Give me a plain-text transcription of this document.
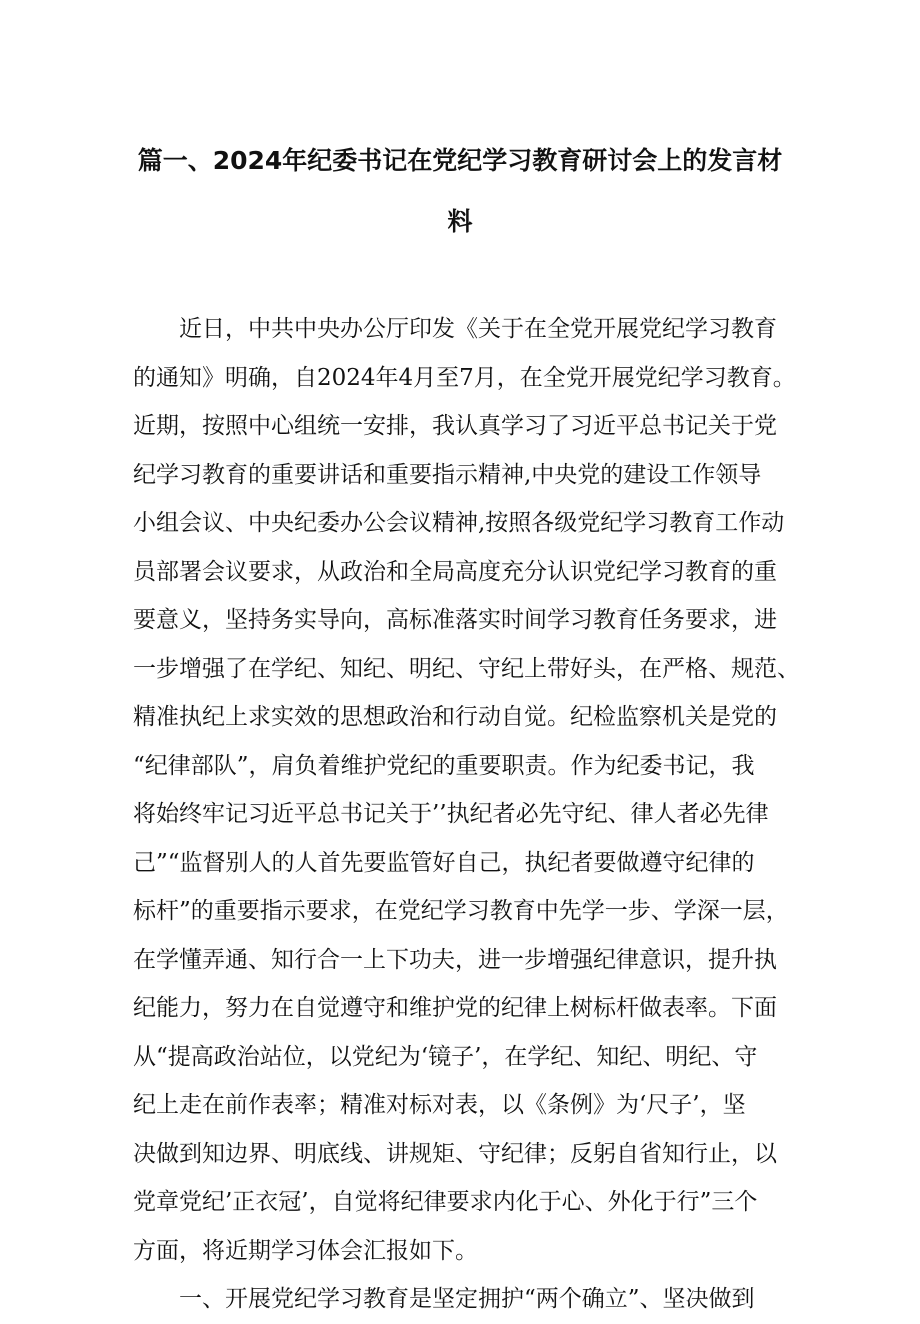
篇一、2024年纪委书记在党纪学习教育研讨会上的发言材
料
近日，中共中央办公厅印发《关于在全党开展党纪学习教育
的通知》明确，自2024年4月至7月，在全党开展党纪学习教育。
近期，按照中心组统一安排，我认真学习了习近平总书记关于党
纪学习教育的重要讲话和重要指示精神,中央党的建设工作领导
小组会议、中央纪委办公会议精神,按照各级党纪学习教育工作动
员部署会议要求，从政治和全局高度充分认识党纪学习教育的重
要意义，坚持务实导向，高标准落实时间学习教育任务要求，进
一步增强了在学纪、知纪、明纪、守纪上带好头，在严格、规范、
精准执纪上求实效的思想政治和行动自觉。纪检监察机关是党的
“纪律部队”，肩负着维护党纪的重要职责。作为纪委书记，我
将始终牢记习近平总书记关于’’执纪者必先守纪、律人者必先律
己”“监督别人的人首先要监管好自己，执纪者要做遵守纪律的
标杆”的重要指示要求，在党纪学习教育中先学一步、学深一层，
在学懂弄通、知行合一上下功夫，进一步增强纪律意识，提升执
纪能力，努力在自觉遵守和维护党的纪律上树标杆做表率。下面
从“提高政治站位，以党纪为‘镜子’，在学纪、知纪、明纪、守
纪上走在前作表率；精准对标对表，以《条例》为‘尺子’，坚
决做到知边界、明底线、讲规矩、守纪律；反躬自省知行止，以
党章党纪’正衣冠’，自觉将纪律要求内化于心、外化于行”三个
方面，将近期学习体会汇报如下。
一、开展党纪学习教育是坚定拥护“两个确立”、坚决做到
